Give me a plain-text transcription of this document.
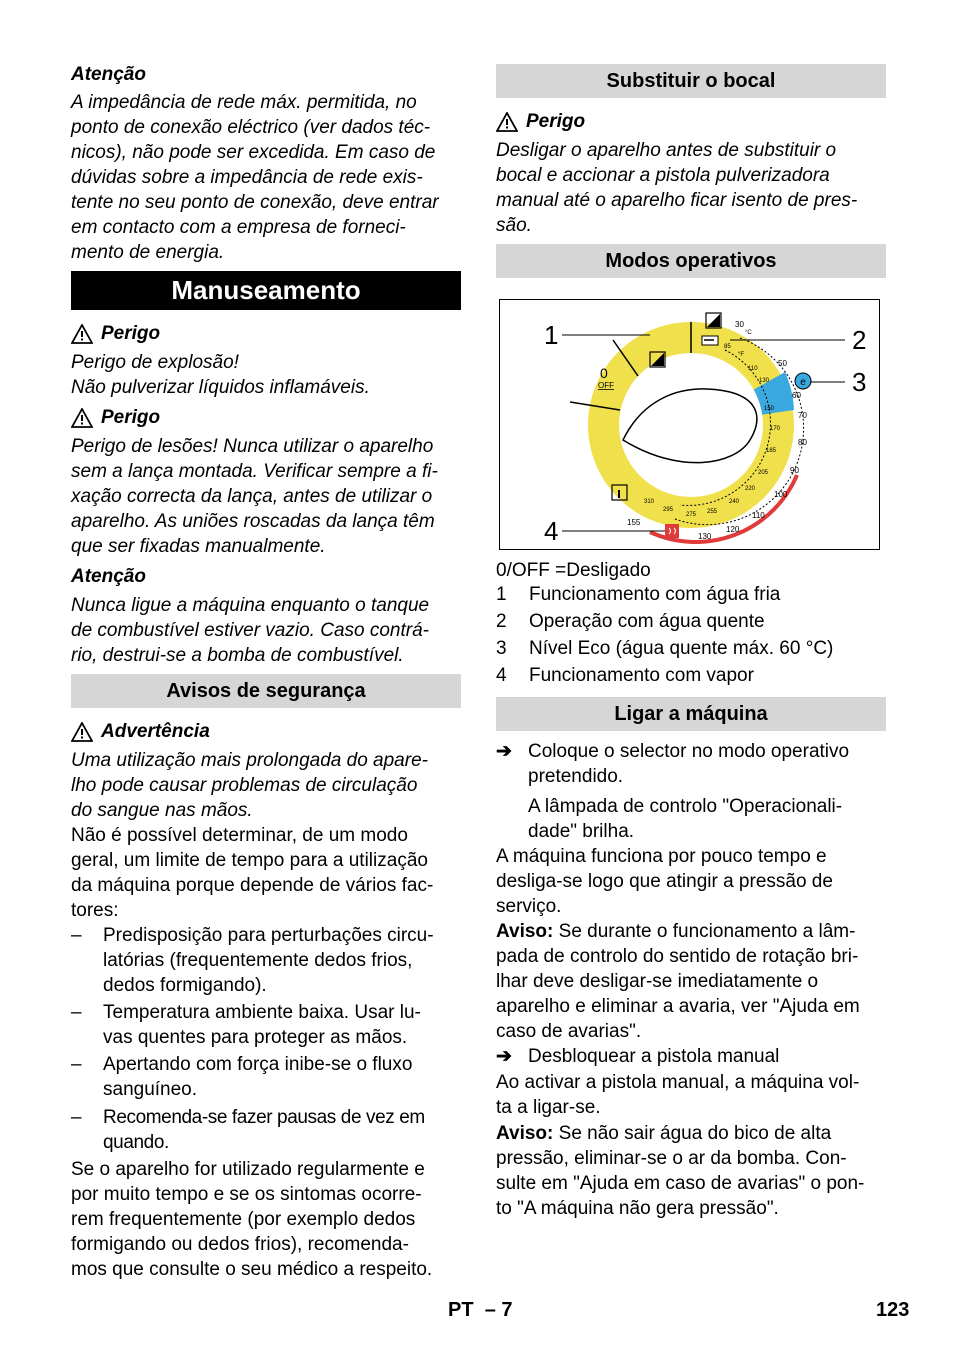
Atenção

A impedância de rede máx. permitida, no

ponto de conexão eléctrico (ver dados téc-

nicos), não pode ser excedida. Em caso de

dúvidas sobre a impedância de rede exis-

tente no seu ponto de conexão, deve entrar

em contacto com a empresa de forneci-

mento de energia.

Manuseamento
Perigo

Perigo de explosão!

Não pulverizar líquidos inflamáveis.

Perigo

Perigo de lesões! Nunca utilizar o aparelho

sem a lança montada. Verificar sempre a fi-

xação correcta da lança, antes de utilizar o

aparelho. As uniões roscadas da lança têm

que ser fixadas manualmente.

Atenção

Nunca ligue a máquina enquanto o tanque

de combustível estiver vazio. Caso contrá-

rio, destrui-se a bomba de combustível.

Avisos de segurança
Advertência

Uma utilização mais prolongada do apare-

lho pode causar problemas de circulação

do sangue nas mãos.

Não é possível determinar, de um modo

geral, um limite de tempo para a utilização

da máquina porque depende de vários fac-

tores:

– Predisposição para perturbações circu-

latórias (frequentemente dedos frios,

dedos formigando).

– Temperatura ambiente baixa. Usar lu-

vas quentes para proteger as mãos.

– Apertando com força inibe-se o fluxo

sanguíneo.

– Recomenda-se fazer pausas de vez em

quando.

Se o aparelho for utilizado regularmente e

por muito tempo e se os sintomas ocorre-

rem frequentemente (por exemplo dedos

formigando ou dedos frios), recomenda-

mos que consulte o seu médico a respeito.

Substituir o bocal
Perigo

Desligar o aparelho antes de substituir o

bocal e accionar a pistola pulverizadora

manual até o aparelho ficar isento de pres-

são.

Modos operativos
e
0
OFF
30
50
60
70
80
90
100
110
120
130
155
85
110
130
150
170
185
205
220
240
255
275
295
310
°C
°F
1	2
3
4
0/OFF =Desligado
1	Funcionamento com água fria
2	Operação com água quente
3	Nível Eco (água quente máx. 60 °C)
4	Funcionamento com vapor
Ligar a máquina
➔ Coloque o selector no modo operativo

pretendido.

A lâmpada de controlo "Operacionali-

dade" brilha.

A máquina funciona por pouco tempo e

desliga-se logo que atingir a pressão de

serviço.

Aviso: Se durante o funcionamento a lâm-

pada de controlo do sentido de rotação bri-

lhar deve desligar-se imediatamente o

aparelho e eliminar a avaria, ver "Ajuda em

caso de avarias".

➔ Desbloquear a pistola manual

Ao activar a pistola manual, a máquina vol-

ta a ligar-se.

Aviso: Se não sair água do bico de alta

pressão, eliminar-se o ar da bomba. Con-

sulte em "Ajuda em caso de avarias" o pon-

to "A máquina não gera pressão".

PT – 7	123
